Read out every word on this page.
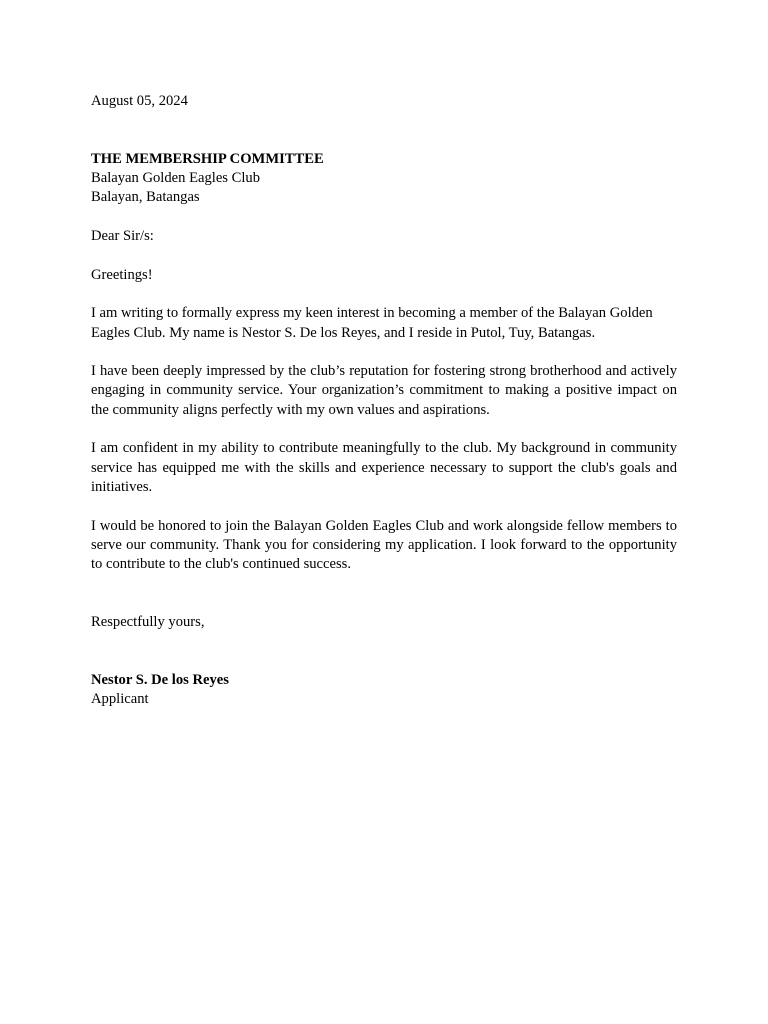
August 05, 2024
THE MEMBERSHIP COMMITTEE
Balayan Golden Eagles Club
Balayan, Batangas
Dear Sir/s:
Greetings!

I am writing to formally express my keen interest in becoming a member of the Balayan Golden Eagles Club. My name is Nestor S. De los Reyes, and I reside in Putol, Tuy, Batangas.

I have been deeply impressed by the club’s reputation for fostering strong brotherhood and actively engaging in community service. Your organization’s commitment to making a positive impact on the community aligns perfectly with my own values and aspirations.

I am confident in my ability to contribute meaningfully to the club. My background in community service has equipped me with the skills and experience necessary to support the club's goals and initiatives.

I would be honored to join the Balayan Golden Eagles Club and work alongside fellow members to serve our community. Thank you for considering my application. I look forward to the opportunity to contribute to the club's continued success.

Respectfully yours,
Nestor S. De los Reyes
Applicant
